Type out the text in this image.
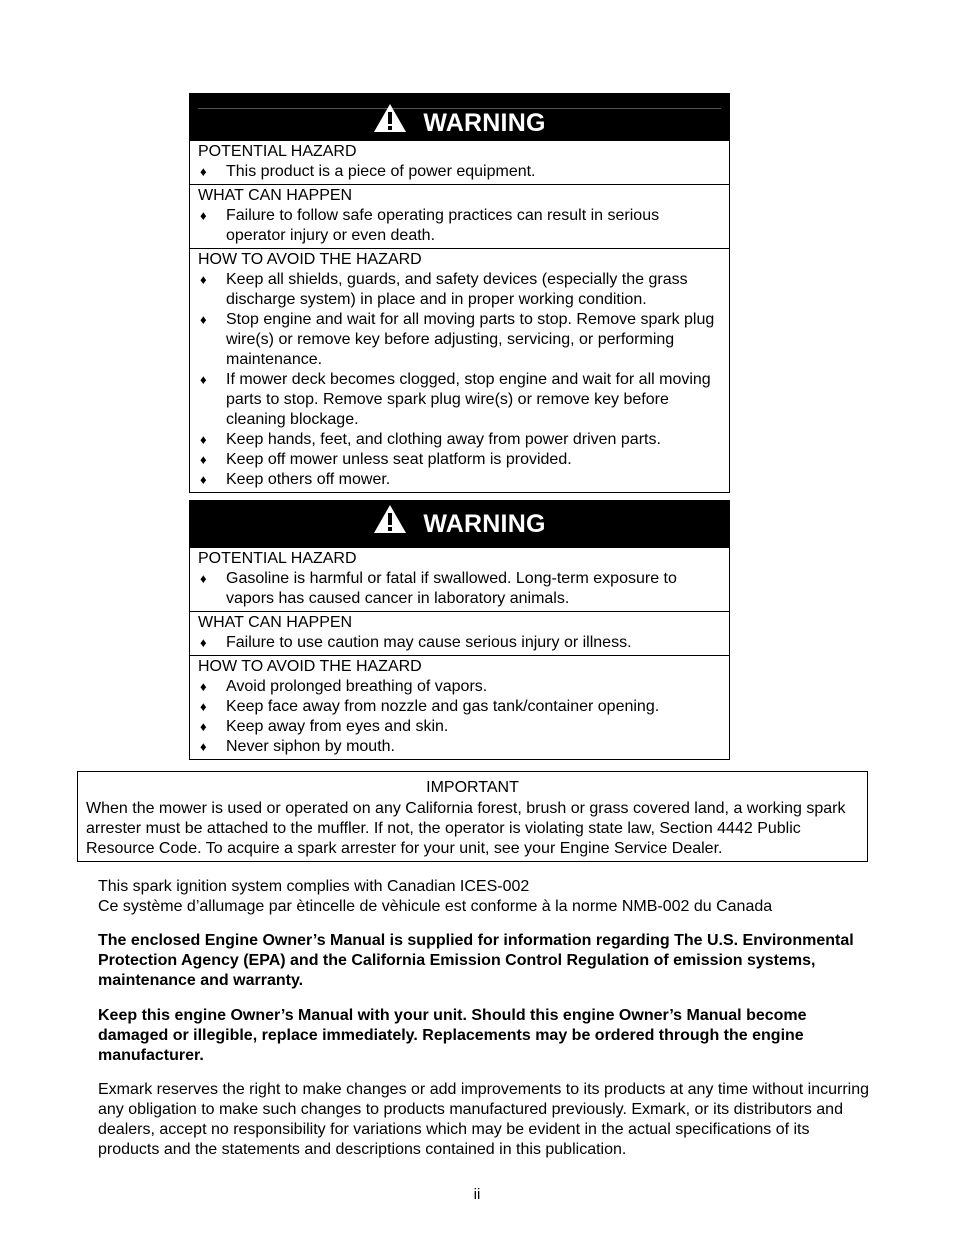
WARNING

POTENTIAL HAZARD

♦	This product is a piece of power equipment.

WHAT CAN HAPPEN

♦	Failure to follow safe operating practices can result in serious operator injury or even death.

HOW TO AVOID THE HAZARD

♦	Keep all shields, guards, and safety devices (especially the grass discharge system) in place and in proper working condition.

♦	Stop engine and wait for all moving parts to stop. Remove spark plug wire(s) or remove key before adjusting, servicing, or performing maintenance.

♦	If mower deck becomes clogged, stop engine and wait for all moving parts to stop. Remove spark plug wire(s) or remove key before cleaning blockage.

♦	Keep hands, feet, and clothing away from power driven parts.

♦	Keep off mower unless seat platform is provided.

♦	Keep others off mower.

WARNING

POTENTIAL HAZARD

♦	Gasoline is harmful or fatal if swallowed. Long-term exposure to vapors has caused cancer in laboratory animals.

WHAT CAN HAPPEN

♦	Failure to use caution may cause serious injury or illness.

HOW TO AVOID THE HAZARD

♦	Avoid prolonged breathing of vapors.

♦	Keep face away from nozzle and gas tank/container opening.

♦	Keep away from eyes and skin.

♦	Never siphon by mouth.

IMPORTANT

When the mower is used or operated on any California forest, brush or grass covered land, a working spark arrester must be attached to the muffler. If not, the operator is violating state law, Section 4442 Public Resource Code. To acquire a spark arrester for your unit, see your Engine Service Dealer.

This spark ignition system complies with Canadian ICES-002

Ce système d’allumage par ètincelle de vèhicule est conforme à la norme NMB-002 du Canada

The enclosed Engine Owner’s Manual is supplied for information regarding The U.S. Environmental Protection Agency (EPA) and the California Emission Control Regulation of emission systems, maintenance and warranty.

Keep this engine Owner’s Manual with your unit. Should this engine Owner’s Manual become damaged or illegible, replace immediately. Replacements may be ordered through the engine manufacturer.

Exmark reserves the right to make changes or add improvements to its products at any time without incurring any obligation to make such changes to products manufactured previously. Exmark, or its distributors and dealers, accept no responsibility for variations which may be evident in the actual specifications of its products and the statements and descriptions contained in this publication.

ii
